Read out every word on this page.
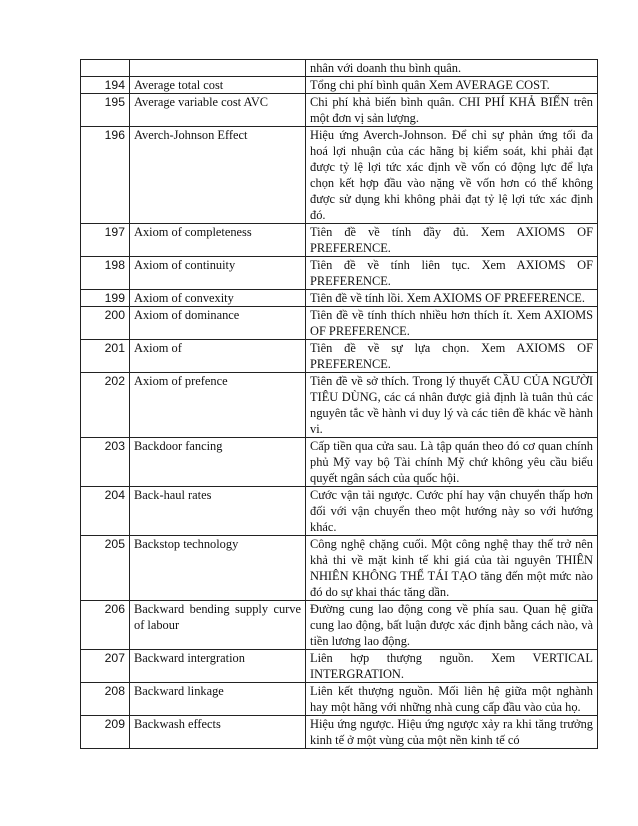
		nhân với doanh thu bình quân.
194	Average total cost	Tổng chi phí bình quân Xem AVERAGE COST.
195	Average variable cost AVC	Chi phí khả biến bình quân. CHI PHÍ KHẢ BIẾN trên một đơn vị sản lượng.
196	Averch-Johnson Effect	Hiệu ứng Averch-Johnson. Để chỉ sự phản ứng tối đa hoá lợi nhuận của các hãng bị kiểm soát, khi phải đạt được tỷ lệ lợi tức xác định về vốn có động lực để lựa chọn kết hợp đầu vào nặng về vốn hơn có thể không được sử dụng khi không phải đạt tỷ lệ lợi tức xác định đó.
197	Axiom of completeness	Tiên đề về tính đầy đủ. Xem AXIOMS OF PREFERENCE.
198	Axiom of continuity	Tiên đề về tính liên tục. Xem AXIOMS OF PREFERENCE.
199	Axiom of convexity	Tiên đề về tính lồi. Xem AXIOMS OF PREFERENCE.
200	Axiom of dominance	Tiên đề về tính thích nhiều hơn thích ít. Xem AXIOMS OF PREFERENCE.
201	Axiom of	Tiên đề về sự lựa chọn. Xem AXIOMS OF PREFERENCE.
202	Axiom of prefence	Tiên đề về sở thích. Trong lý thuyết CẦU CỦA NGƯỜI TIÊU DÙNG, các cá nhân được giả định là tuân thủ các nguyên tắc về hành vi duy lý và các tiên đề khác về hành vi.
203	Backdoor fancing	Cấp tiền qua cửa sau. Là tập quán theo đó cơ quan chính phủ Mỹ vay bộ Tài chính Mỹ chứ không yêu cầu biểu quyết ngân sách của quốc hội.
204	Back-haul rates	Cước vận tải ngược. Cước phí hay vận chuyển thấp hơn đối với vận chuyển theo một hướng này so với hướng khác.
205	Backstop technology	Công nghệ chặng cuối. Một công nghệ thay thế trở nên khả thi về mặt kinh tế khi giá của tài nguyên THIÊN NHIÊN KHÔNG THỂ TÁI TẠO tăng đến một mức nào đó do sự khai thác tăng dần.
206	Backward bending supply curve of labour	Đường cung lao động cong về phía sau. Quan hệ giữa cung lao động, bất luận được xác định bằng cách nào, và tiền lương lao động.
207	Backward intergration	Liên hợp thượng nguồn. Xem VERTICAL INTERGRATION.
208	Backward linkage	Liên kết thượng nguồn. Mối liên hệ giữa một nghành hay một hãng với những nhà cung cấp đầu vào của họ.
209	Backwash effects	Hiệu ứng ngược. Hiệu ứng ngược xảy ra khi tăng trưởng kinh tế ở một vùng của một nền kinh tế có
